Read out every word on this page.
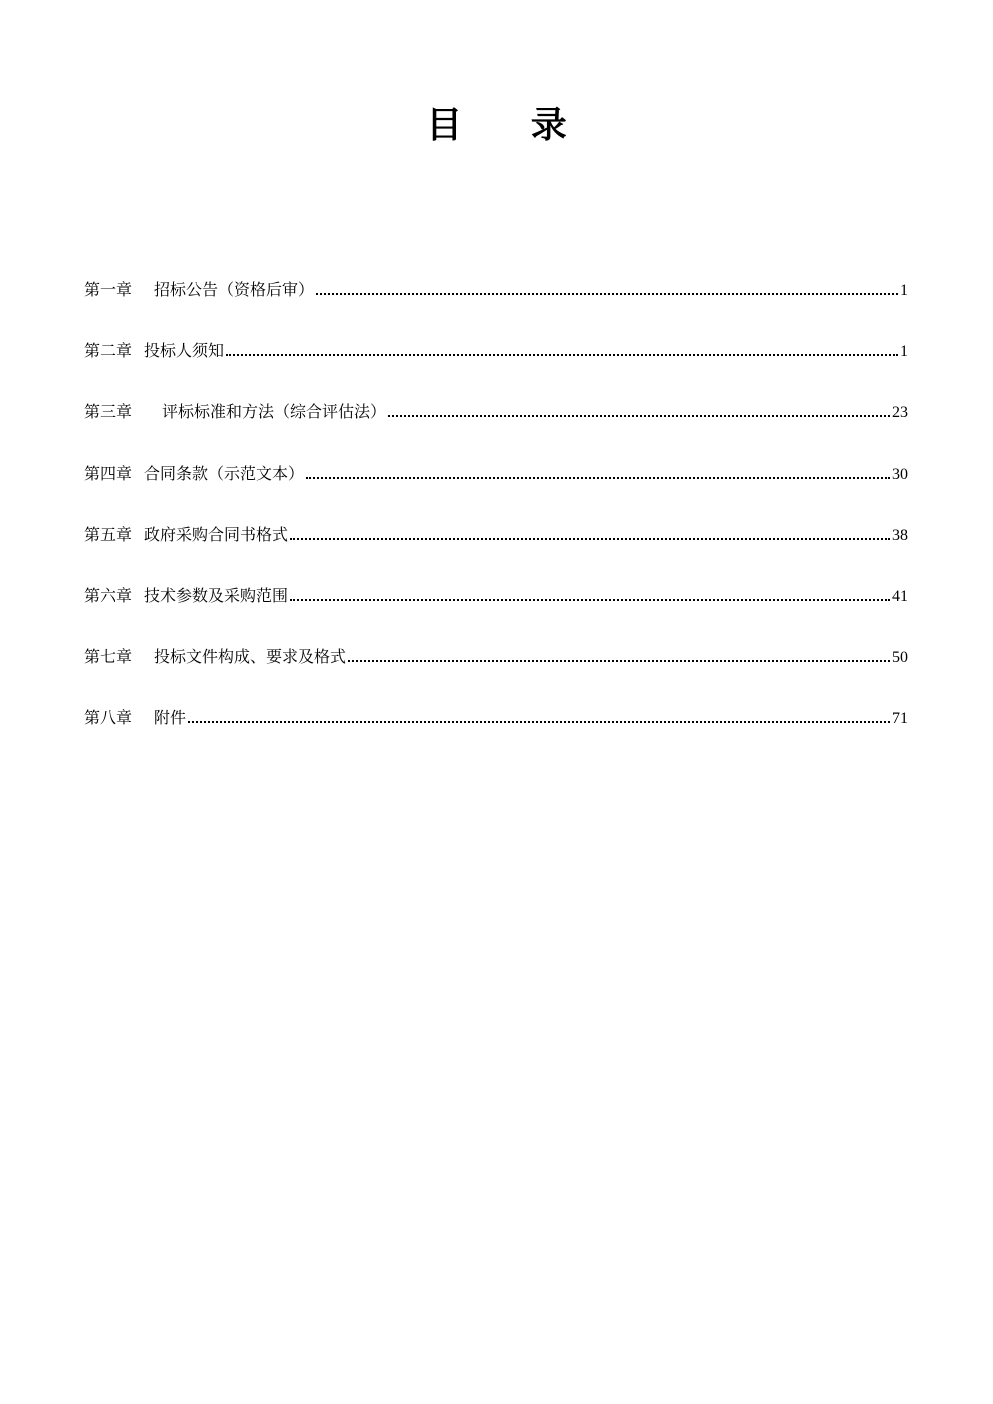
目 录
第一章 招标公告（资格后审）	1
第二章 投标人须知	1
第三章 评标标准和方法（综合评估法）	23
第四章 合同条款（示范文本）	30
第五章 政府采购合同书格式	38
第六章 技术参数及采购范围	41
第七章 投标文件构成、要求及格式	50
第八章 附件	71
